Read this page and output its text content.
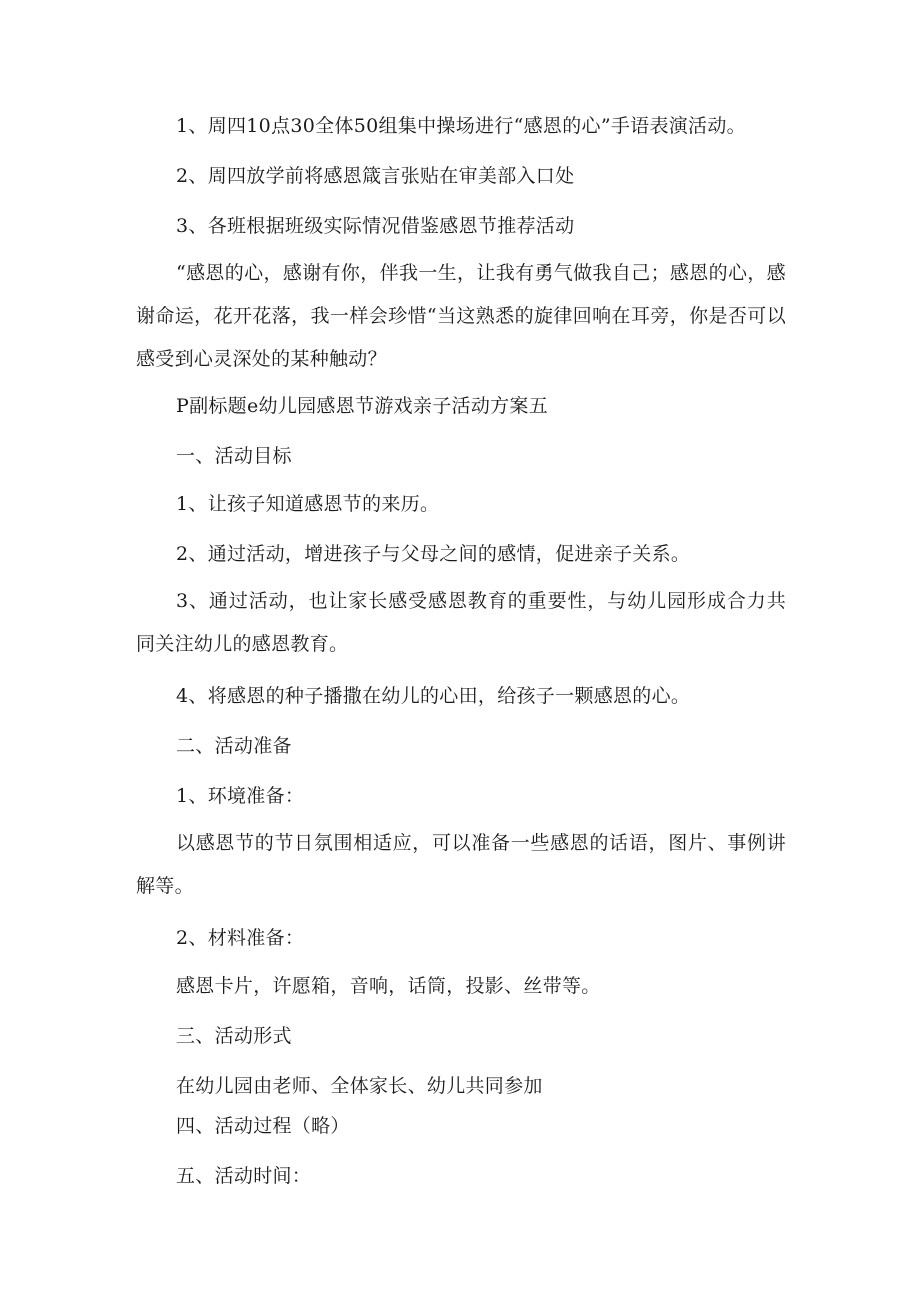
1、周四10点30全体50组集中操场进行“感恩的心”手语表演活动。

2、周四放学前将感恩箴言张贴在审美部入口处

3、各班根据班级实际情况借鉴感恩节推荐活动

“感恩的心，感谢有你，伴我一生，让我有勇气做我自己；感恩的心，感谢命运，花开花落，我一样会珍惜“当这熟悉的旋律回响在耳旁，你是否可以感受到心灵深处的某种触动？

P副标题e幼儿园感恩节游戏亲子活动方案五

一、活动目标

1、让孩子知道感恩节的来历。

2、通过活动，增进孩子与父母之间的感情，促进亲子关系。

3、通过活动，也让家长感受感恩教育的重要性，与幼儿园形成合力共同关注幼儿的感恩教育。

4、将感恩的种子播撒在幼儿的心田，给孩子一颗感恩的心。

二、活动准备

1、环境准备：

以感恩节的节日氛围相适应，可以准备一些感恩的话语，图片、事例讲解等。

2、材料准备：

感恩卡片，许愿箱，音响，话筒，投影、丝带等。

三、活动形式

在幼儿园由老师、全体家长、幼儿共同参加

四、活动过程（略）

五、活动时间：
